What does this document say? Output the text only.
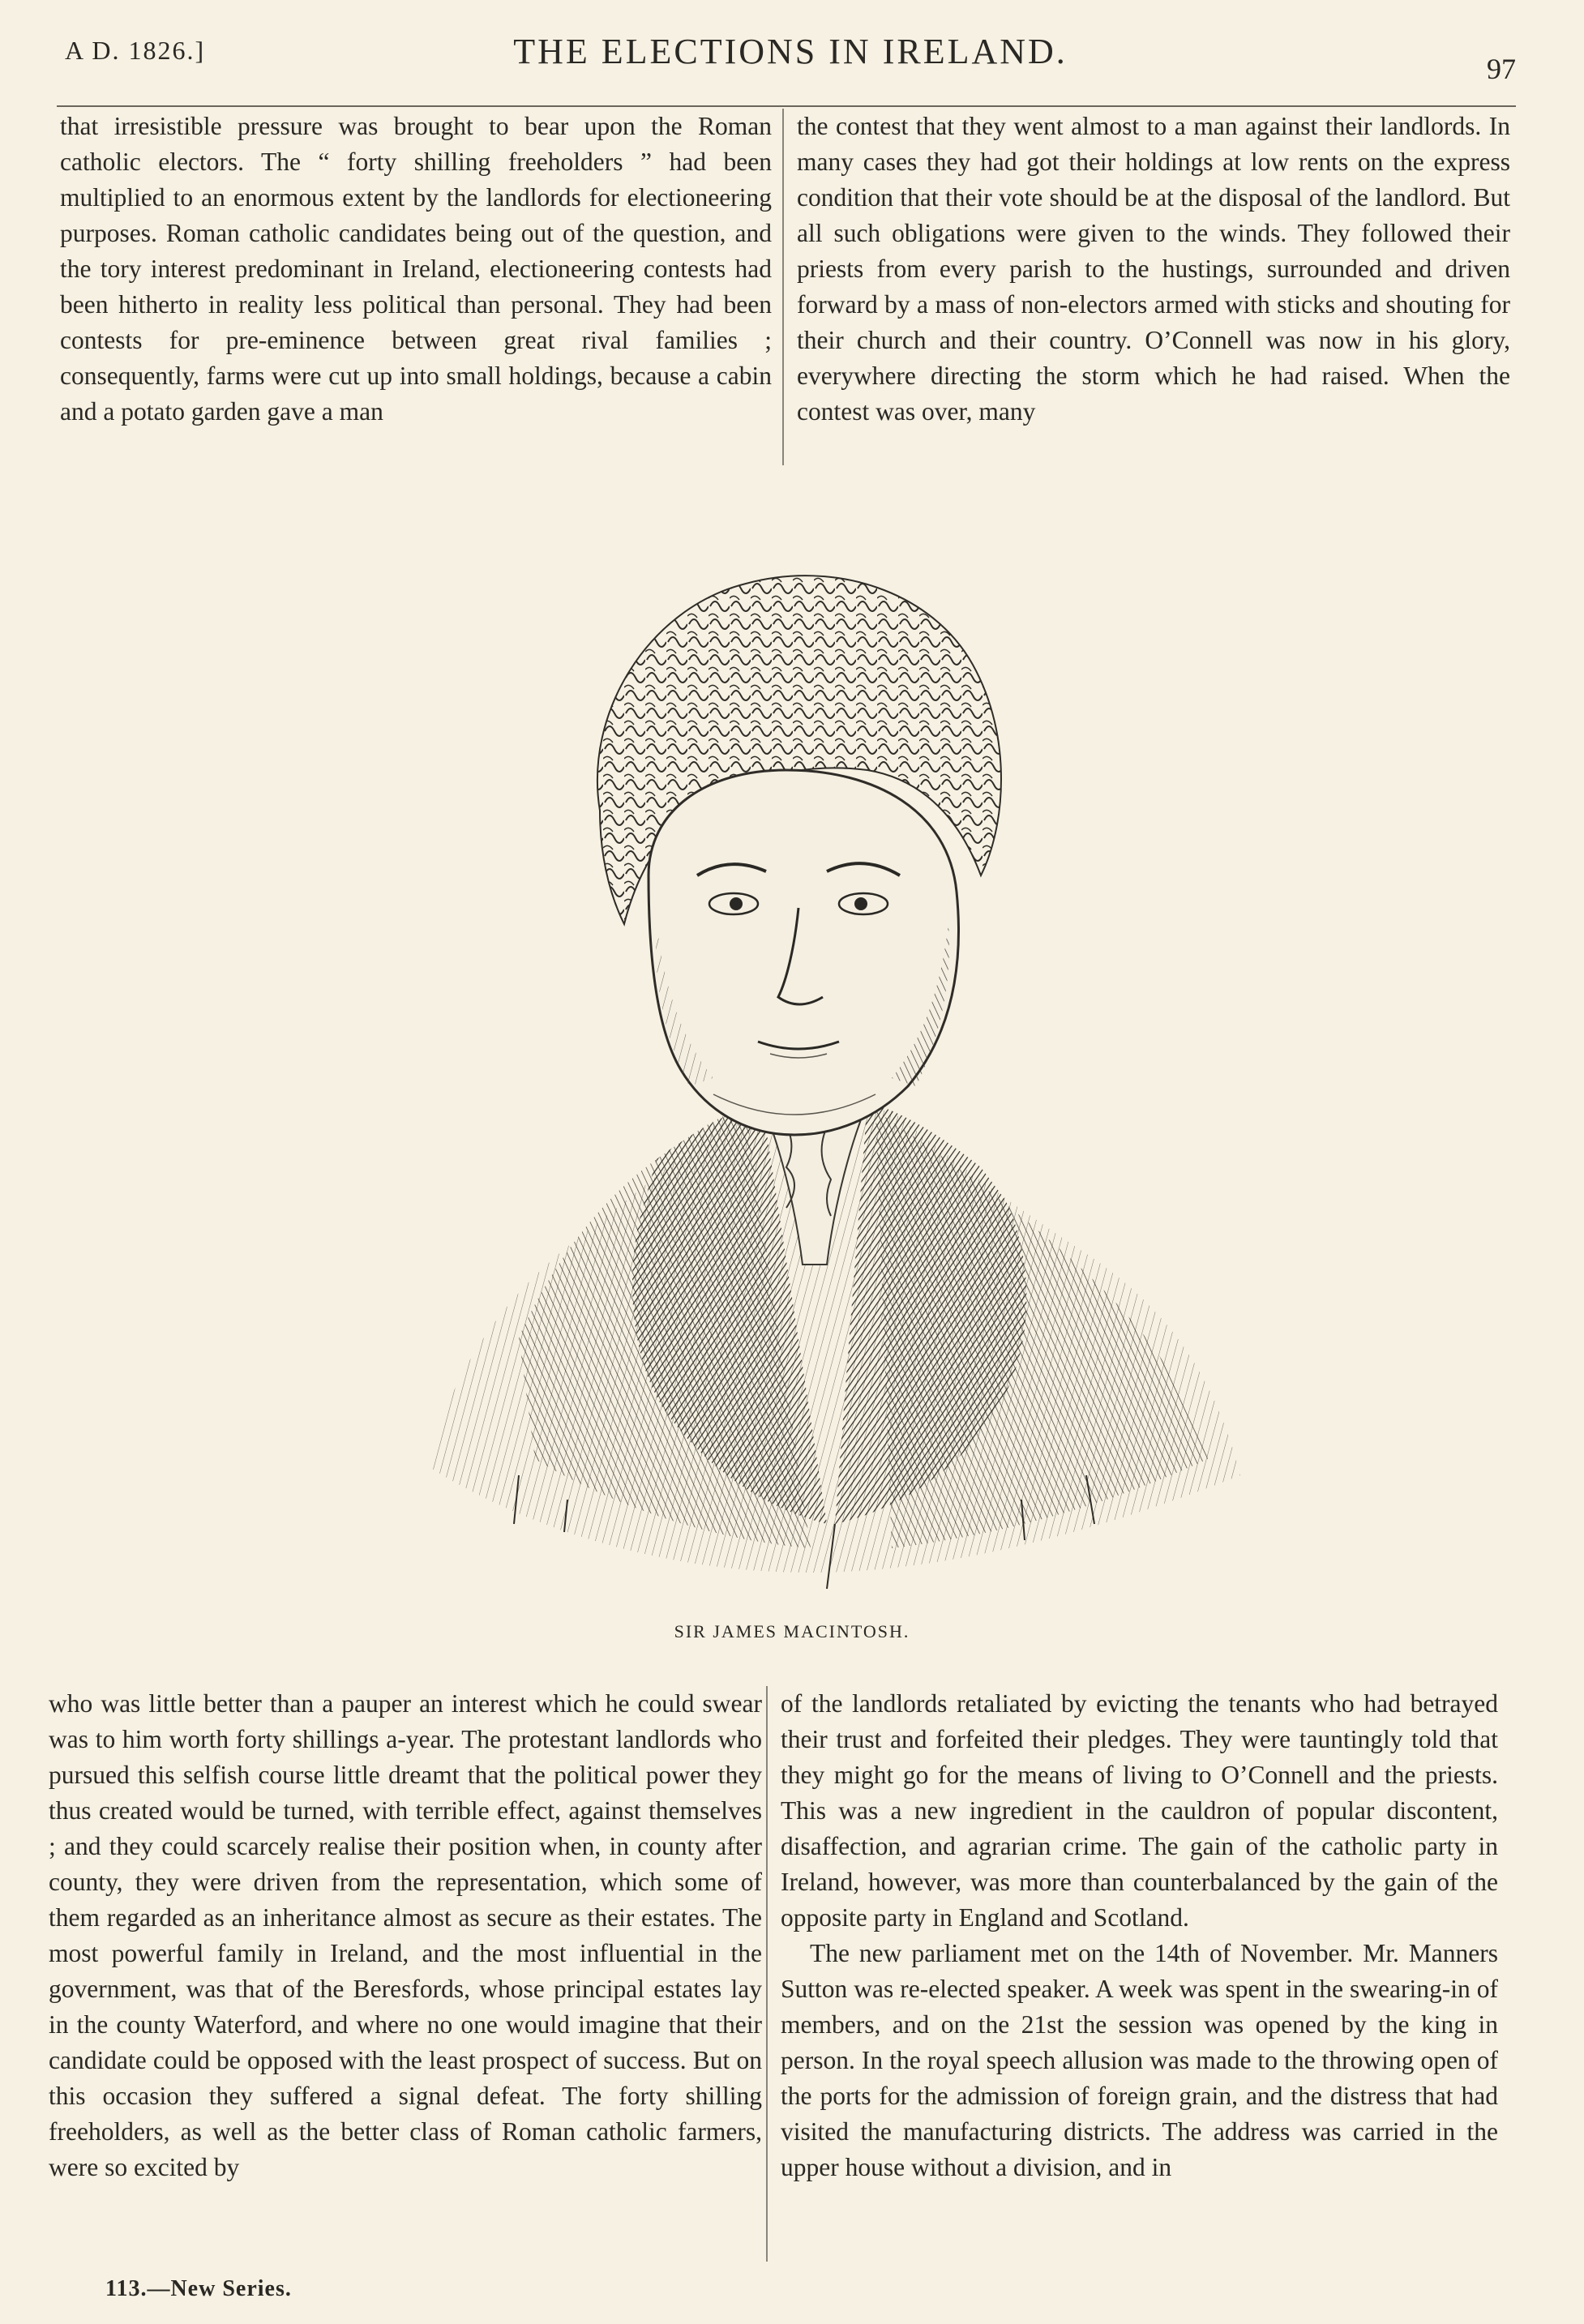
A D. 1826.]	THE ELECTIONS IN IRELAND.	97

that irresistible pressure was brought to bear upon the Roman catholic electors. The “ forty shilling freeholders ” had been multiplied to an enormous extent by the landlords for electioneering purposes. Roman catholic candidates being out of the question, and the tory interest predominant in Ireland, electioneering contests had been hitherto in reality less political than personal. They had been contests for pre-eminence between great rival families ; consequently, farms were cut up into small holdings, because a cabin and a potato garden gave a man

the contest that they went almost to a man against their landlords. In many cases they had got their holdings at low rents on the express condition that their vote should be at the disposal of the landlord. But all such obligations were given to the winds. They followed their priests from every parish to the hustings, surrounded and driven forward by a mass of non-electors armed with sticks and shouting for their church and their country. O’Connell was now in his glory, everywhere directing the storm which he had raised. When the contest was over, many

SIR JAMES MACINTOSH.

who was little better than a pauper an interest which he could swear was to him worth forty shillings a-year. The protestant landlords who pursued this selfish course little dreamt that the political power they thus created would be turned, with terrible effect, against themselves ; and they could scarcely realise their position when, in county after county, they were driven from the representation, which some of them regarded as an inheritance almost as secure as their estates. The most powerful family in Ireland, and the most influential in the government, was that of the Beresfords, whose principal estates lay in the county Waterford, and where no one would imagine that their candidate could be opposed with the least prospect of success. But on this occasion they suffered a signal defeat. The forty shilling freeholders, as well as the better class of Roman catholic farmers, were so excited by

of the landlords retaliated by evicting the tenants who had betrayed their trust and forfeited their pledges. They were tauntingly told that they might go for the means of living to O’Connell and the priests. This was a new ingredient in the cauldron of popular discontent, disaffection, and agrarian crime. The gain of the catholic party in Ireland, however, was more than counterbalanced by the gain of the opposite party in England and Scotland.

The new parliament met on the 14th of November. Mr. Manners Sutton was re-elected speaker. A week was spent in the swearing-in of members, and on the 21st the session was opened by the king in person. In the royal speech allusion was made to the throwing open of the ports for the admission of foreign grain, and the distress that had visited the manufacturing districts. The address was carried in the upper house without a division, and in

113.—New Series.
